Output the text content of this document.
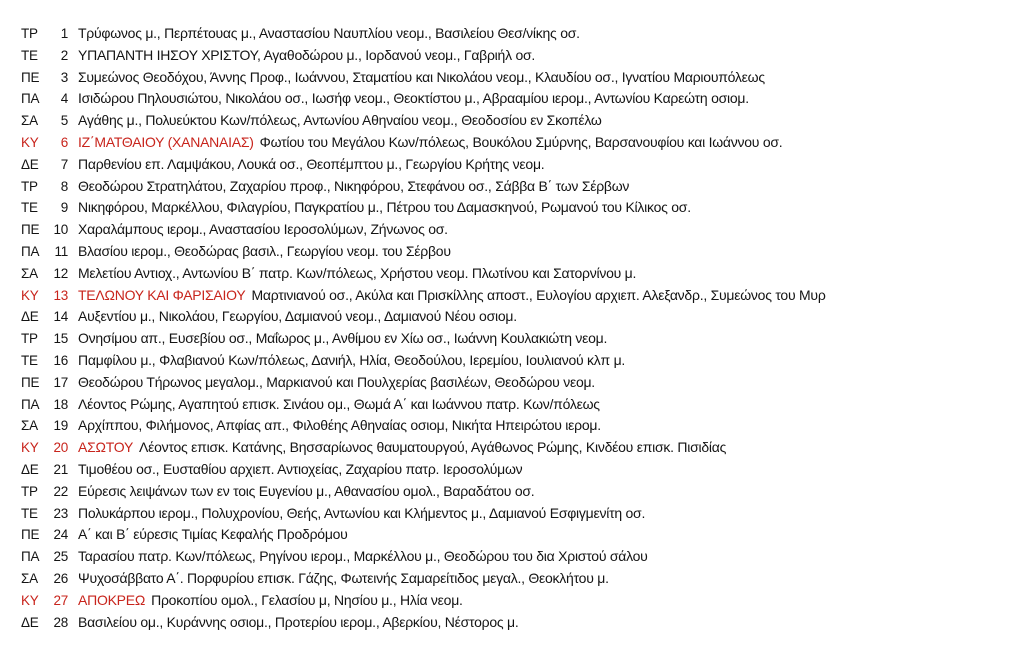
ΤΡ	1 Τρύφωνος μ., Περπέτουας μ., Αναστασίου Ναυπλίου νεομ., Βασιλείου Θεσ/νίκης οσ.
ΤΕ	2 ΥΠΑΠΑΝΤΗ ΙΗΣΟΥ ΧΡΙΣΤΟΥ, Αγαθοδώρου μ., Ιορδανού νεομ., Γαβριήλ οσ.
ΠΕ	3 Συμεώνος Θεοδόχου, Άννης Προφ., Ιωάννου, Σταματίου και Νικολάου νεομ., Κλαυδίου οσ., Ιγνατίου Μαριουπόλεως
ΠΑ	4 Ισιδώρου Πηλουσιώτου, Νικολάου οσ., Ιωσήφ νεομ., Θεοκτίστου μ., Αβρααμίου ιερομ., Αντωνίου Καρεώτη οσιομ.
ΣΑ	5 Αγάθης μ., Πολυεύκτου Κων/πόλεως, Αντωνίου Αθηναίου νεομ., Θεοδοσίου εν Σκοπέλω
ΚΥ	6 ΙΖ΄ΜΑΤΘΑΙΟΥ (ΧΑΝΑΝΑΙΑΣ) Φωτίου του Μεγάλου Κων/πόλεως, Βουκόλου Σμύρνης, Βαρσανουφίου και Ιωάννου οσ.
ΔΕ	7 Παρθενίου επ. Λαμψάκου, Λουκά οσ., Θεοπέμπτου μ., Γεωργίου Κρήτης νεομ.
ΤΡ	8 Θεοδώρου Στρατηλάτου, Ζαχαρίου προφ., Νικηφόρου, Στεφάνου οσ., Σάββα Β΄ των Σέρβων
ΤΕ	9 Νικηφόρου, Μαρκέλλου, Φιλαγρίου, Παγκρατίου μ., Πέτρου του Δαμασκηνού, Ρωμανού του Κίλικος οσ.
ΠΕ	10 Χαραλάμπους ιερομ., Αναστασίου Ιεροσολύμων, Ζήνωνος οσ.
ΠΑ	11 Βλασίου ιερομ., Θεοδώρας βασιλ., Γεωργίου νεομ. του Σέρβου
ΣΑ	12 Μελετίου Αντιοχ., Αντωνίου Β΄ πατρ. Κων/πόλεως, Χρήστου νεομ. Πλωτίνου και Σατορνίνου μ.
ΚΥ	13 ΤΕΛΩΝΟΥ ΚΑΙ ΦΑΡΙΣΑΙΟΥ Μαρτινιανού οσ., Ακύλα και Πρισκίλλης αποστ., Ευλογίου αρχιεπ. Αλεξανδρ., Συμεώνος του Μυρ
ΔΕ	14 Αυξεντίου μ., Νικολάου, Γεωργίου, Δαμιανού νεομ., Δαμιανού Νέου οσιομ.
ΤΡ	15 Ονησίμου απ., Ευσεβίου οσ., Μαΐωρος μ., Ανθίμου εν Χίω οσ., Ιωάννη Κουλακιώτη νεομ.
ΤΕ	16 Παμφίλου μ., Φλαβιανού Κων/πόλεως, Δανιήλ, Ηλία, Θεοδούλου, Ιερεμίου, Ιουλιανού κλπ μ.
ΠΕ	17 Θεοδώρου Τήρωνος μεγαλομ., Μαρκιανού και Πουλχερίας βασιλέων, Θεοδώρου νεομ.
ΠΑ	18 Λέοντος Ρώμης, Αγαπητού επισκ. Σινάου ομ., Θωμά Α΄ και Ιωάννου πατρ. Κων/πόλεως
ΣΑ	19 Αρχίππου, Φιλήμονος, Απφίας απ., Φιλοθέης Αθηναίας οσιομ, Νικήτα Ηπειρώτου ιερομ.
ΚΥ	20 ΑΣΩΤΟΥ Λέοντος επισκ. Κατάνης, Βησσαρίωνος θαυματουργού, Αγάθωνος Ρώμης, Κινδέου επισκ. Πισιδίας
ΔΕ	21 Τιμοθέου οσ., Ευσταθίου αρχιεπ. Αντιοχείας, Ζαχαρίου πατρ. Ιεροσολύμων
ΤΡ	22 Εύρεσις λειψάνων των εν τοις Ευγενίου μ., Αθανασίου ομολ., Βαραδάτου οσ.
ΤΕ	23 Πολυκάρπου ιερομ., Πολυχρονίου, Θεής, Αντωνίου και Κλήμεντος μ., Δαμιανού Εσφιγμενίτη οσ.
ΠΕ	24 Α΄ και Β΄ εύρεσις Τιμίας Κεφαλής Προδρόμου
ΠΑ	25 Ταρασίου πατρ. Κων/πόλεως, Ρηγίνου ιερομ., Μαρκέλλου μ., Θεοδώρου του δια Χριστού σάλου
ΣΑ	26 Ψυχοσάββατο Α΄. Πορφυρίου επισκ. Γάζης, Φωτεινής Σαμαρείτιδος μεγαλ., Θεοκλήτου μ.
ΚΥ	27 ΑΠΟΚΡΕΩ Προκοπίου ομολ., Γελασίου μ, Νησίου μ., Ηλία νεομ.
ΔΕ	28 Βασιλείου ομ., Κυράννης οσιομ., Προτερίου ιερομ., Αβερκίου, Νέστορος μ.
